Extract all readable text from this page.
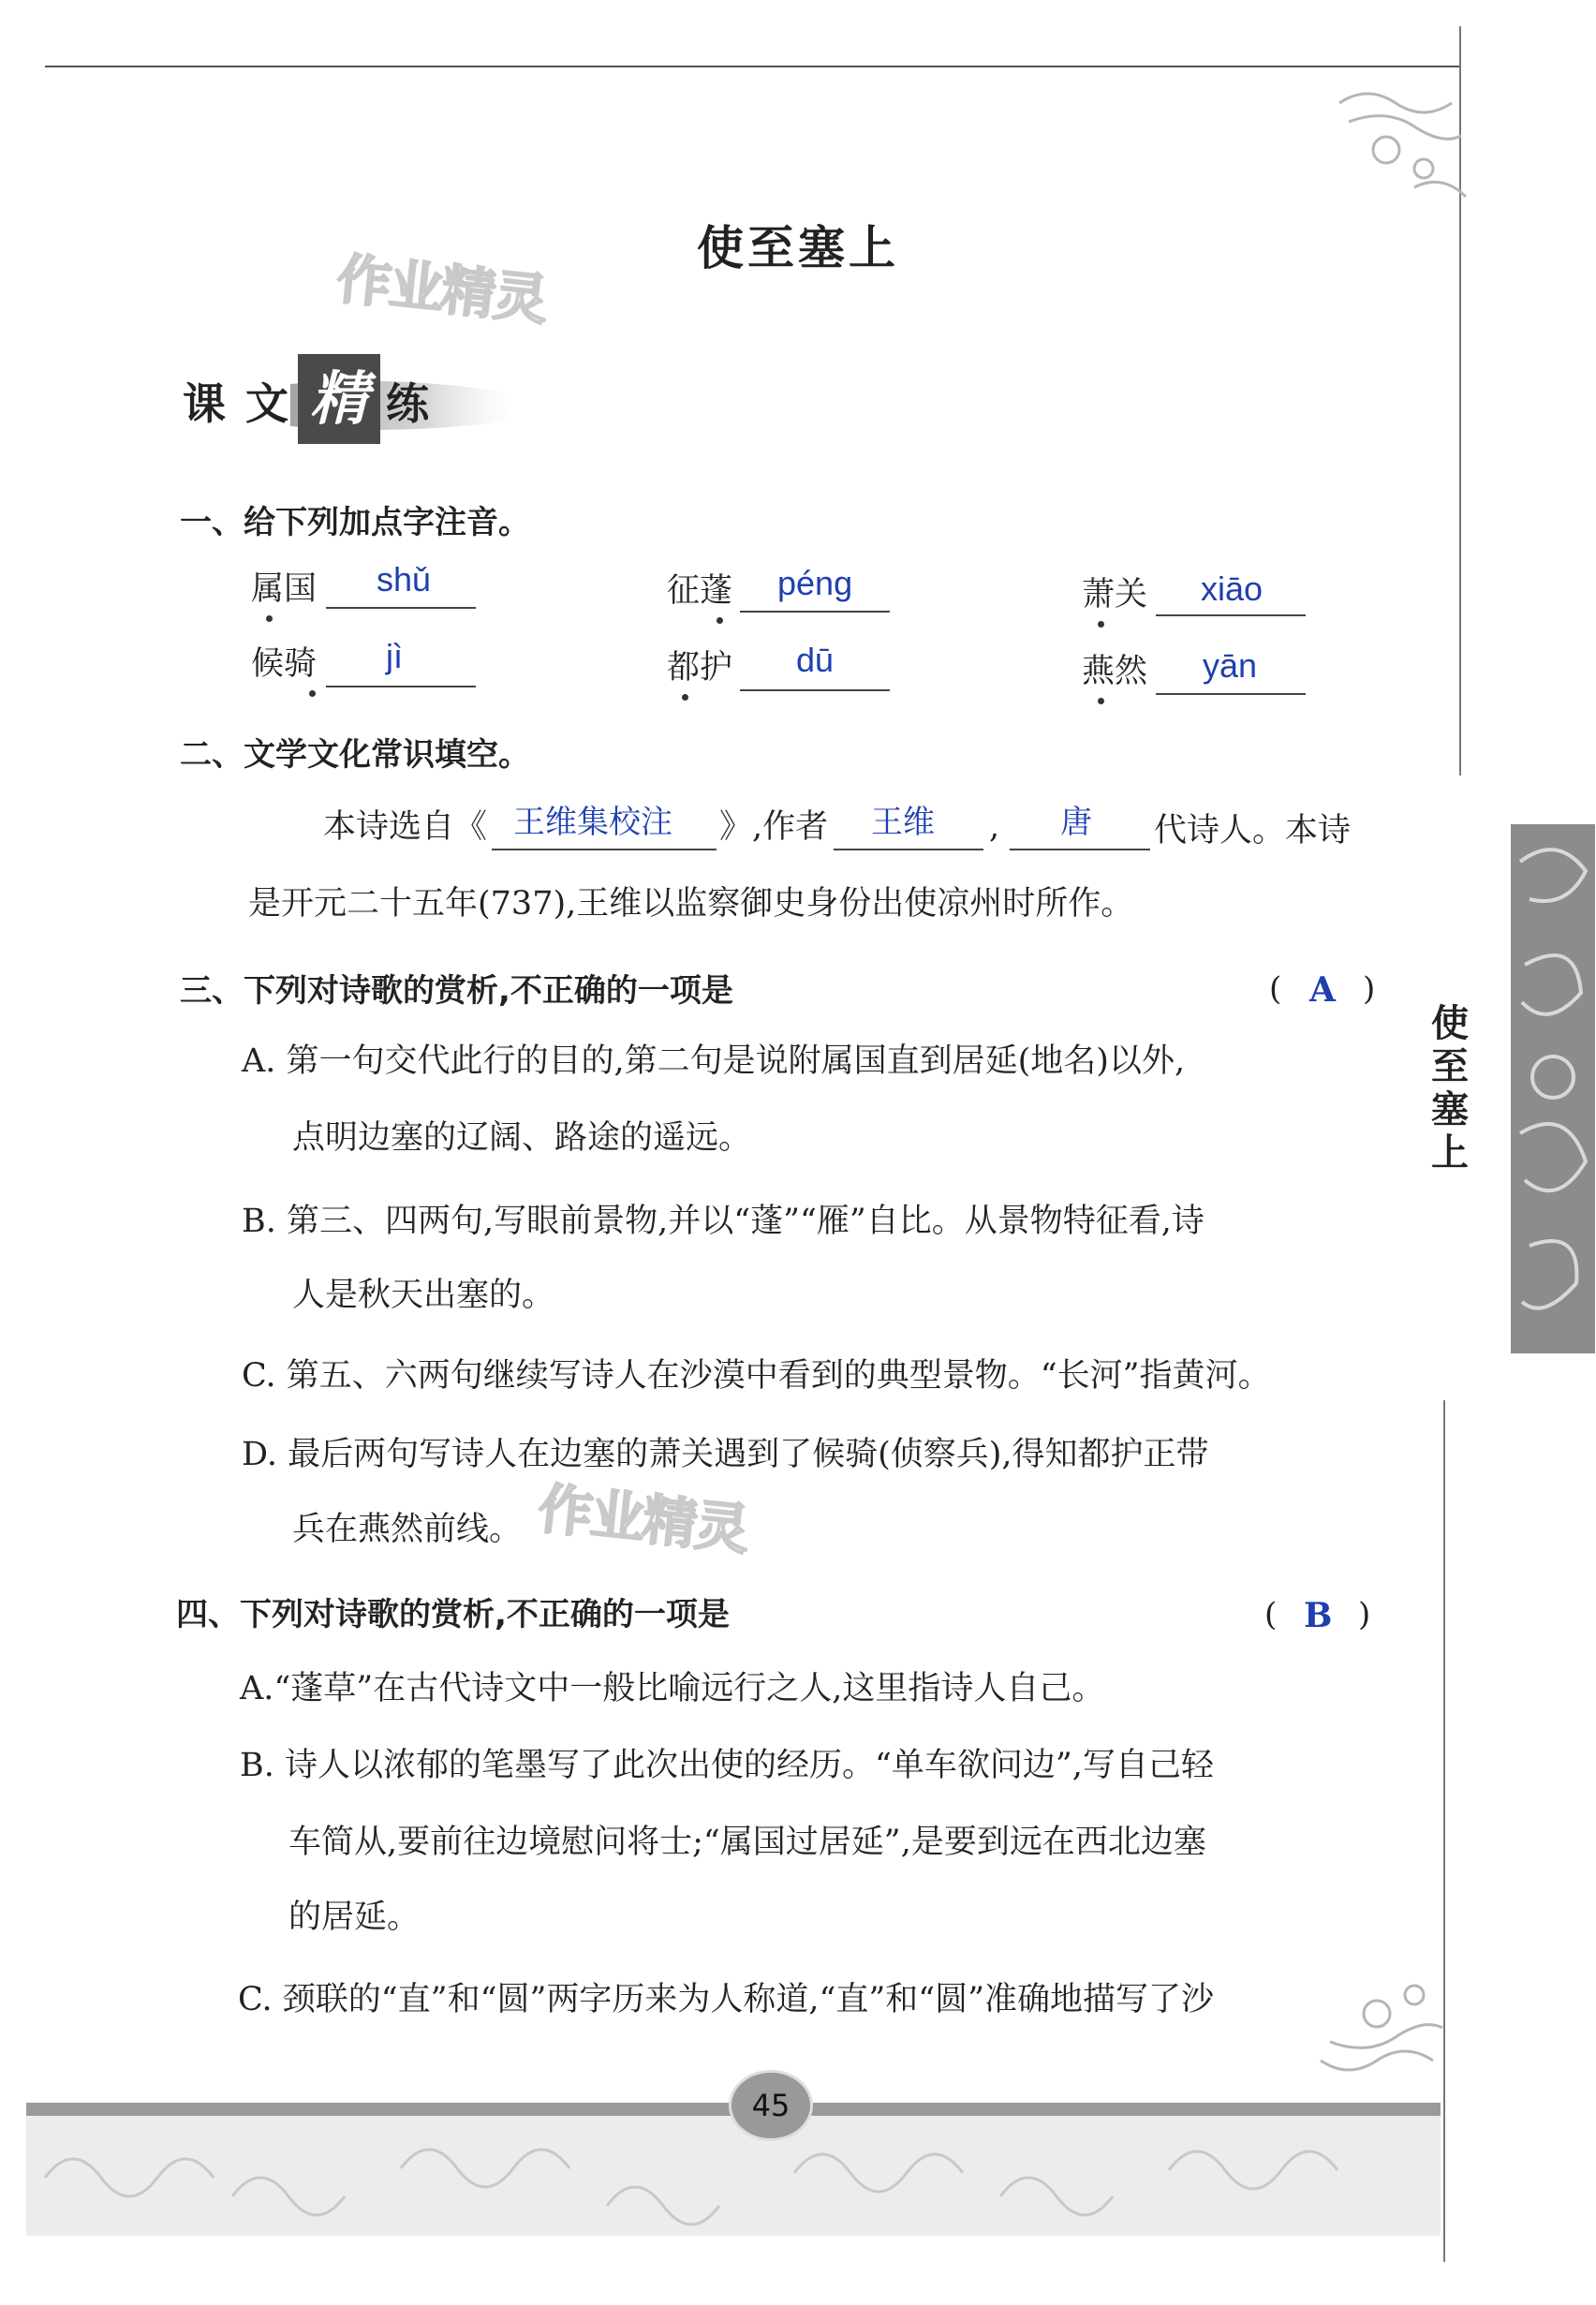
使至塞上
作业精灵
作业精灵
课 文 精 练
一、给下列加点字注音。
属国 shǔ	征蓬 péng	萧关 xiāo
候骑 jì	都护 dū	燕然 yān
二、文学文化常识填空。
本诗选自《 王维集校注 》,作者 王维 , 唐 代诗人。本诗
是开元二十五年(737),王维以监察御史身份出使凉州时所作。
三、下列对诗歌的赏析,不正确的一项是	( A )
A. 第一句交代此行的目的,第二句是说附属国直到居延(地名)以外,
点明边塞的辽阔、路途的遥远。
B. 第三、四两句,写眼前景物,并以“蓬”“雁”自比。从景物特征看,诗
人是秋天出塞的。
C. 第五、六两句继续写诗人在沙漠中看到的典型景物。“长河”指黄河。
D. 最后两句写诗人在边塞的萧关遇到了候骑(侦察兵),得知都护正带
兵在燕然前线。
四、下列对诗歌的赏析,不正确的一项是	( B )
A.“蓬草”在古代诗文中一般比喻远行之人,这里指诗人自己。
B. 诗人以浓郁的笔墨写了此次出使的经历。“单车欲问边”,写自己轻
车简从,要前往边境慰问将士;“属国过居延”,是要到远在西北边塞
的居延。
C. 颈联的“直”和“圆”两字历来为人称道,“直”和“圆”准确地描写了沙
使
至
塞
上
45
